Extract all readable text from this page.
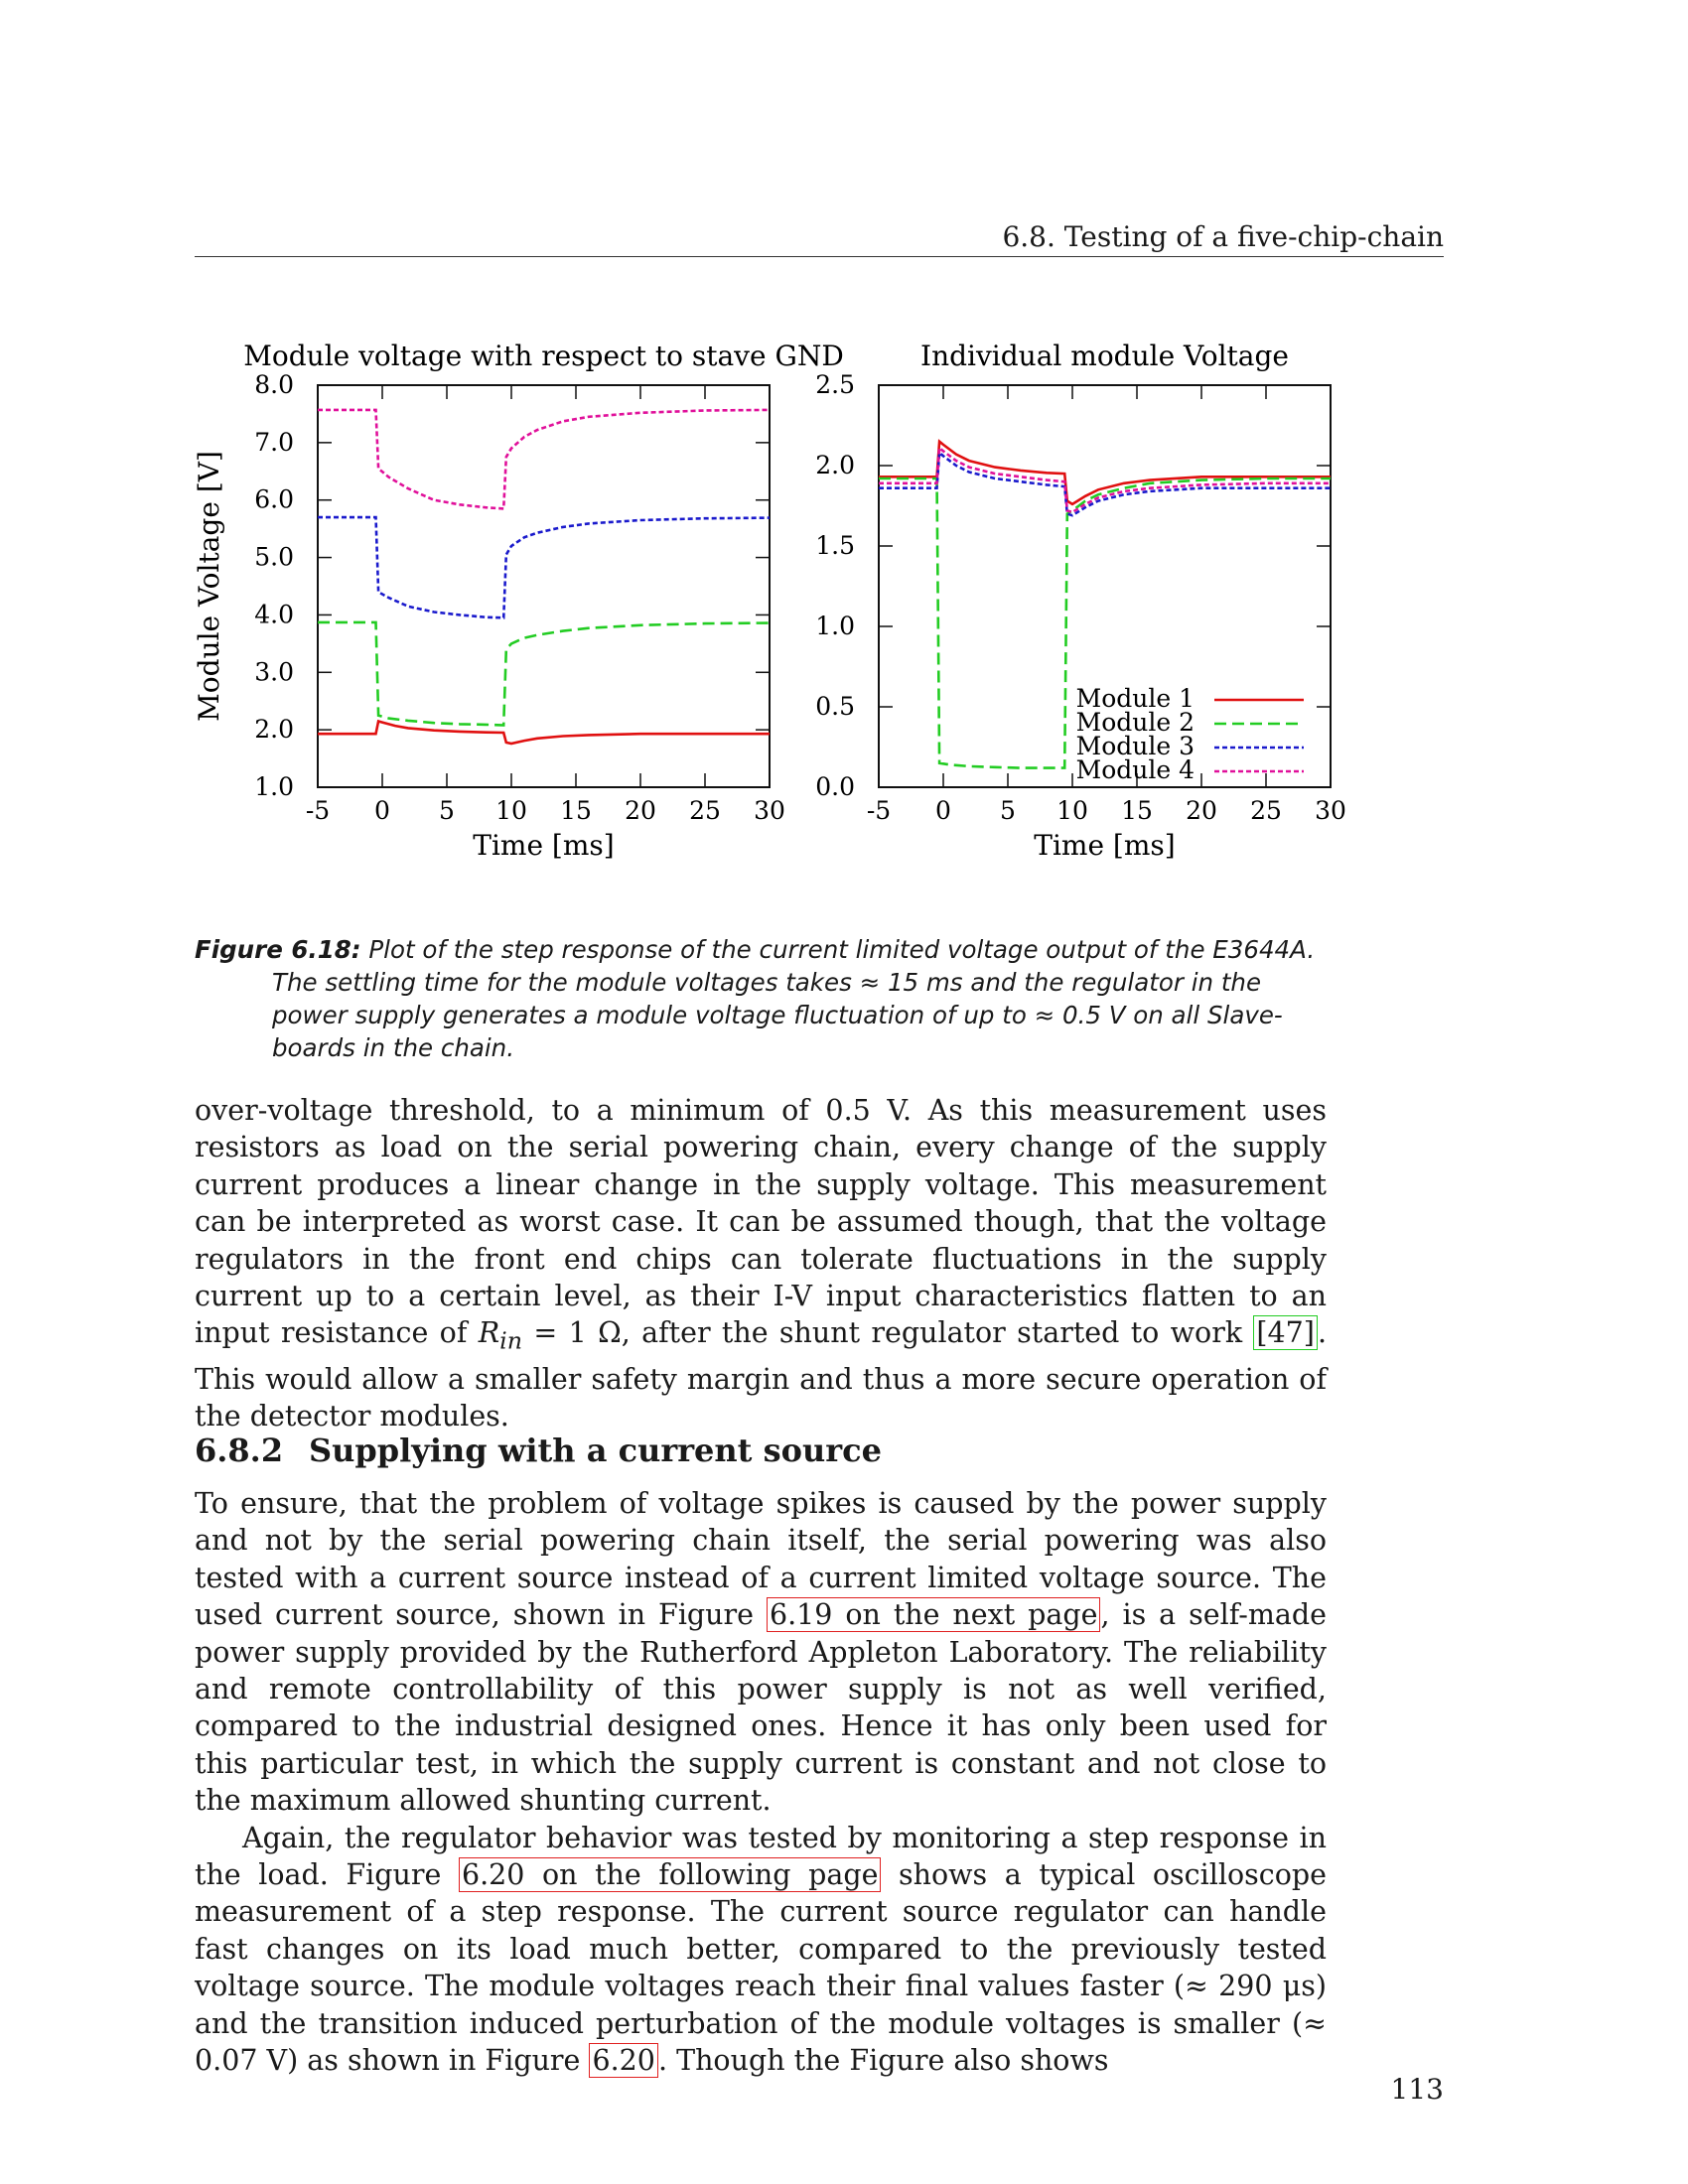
6.8. Testing of a five-chip-chain
Module voltage with respect to stave GND
-5 0 5 10 15 20 25 30
1.0
2.0
3.0
4.0
5.0
6.0
7.0
8.0
Time [ms]
Module Voltage [V]
Individual module Voltage
-5 0 5 10 15 20 25 30
0.0
0.5
1.0
1.5
2.0
2.5
Time [ms]
Module 1
Module 2
Module 3
Module 4
Figure 6.18: Plot of the step response of the current limited voltage output of the E3644A. The settling time for the module voltages takes ≈ 15 ms and the regulator in the power supply generates a module voltage fluctuation of up to ≈ 0.5 V on all Slave-boards in the chain.

over-voltage threshold, to a minimum of 0.5 V. As this measurement uses resistors as load on the serial powering chain, every change of the supply current produces a linear change in the supply voltage. This measurement can be interpreted as worst case. It can be assumed though, that the voltage regulators in the front end chips can tolerate fluctuations in the supply current up to a certain level, as their I-V input characteristics flatten to an input resistance of $R_{in} = 1$ Ω, after the shunt regulator started to work [47] . This would allow a smaller safety margin and thus a more secure operation of the detector modules.

6.8.2 Supplying with a current source

To ensure, that the problem of voltage spikes is caused by the power supply and not by the serial powering chain itself, the serial powering was also tested with a current source instead of a current limited voltage source. The used current source, shown in Figure 6.19 on the next page , is a self-made power supply provided by the Rutherford Appleton Laboratory. The reliability and remote controllability of this power supply is not as well verified, compared to the industrial designed ones. Hence it has only been used for this particular test, in which the supply current is constant and not close to the maximum allowed shunting current.

Again, the regulator behavior was tested by monitoring a step response in the load. Figure 6.20 on the following page shows a typical oscilloscope measurement of a step response. The current source regulator can handle fast changes on its load much better, compared to the previously tested voltage source. The module voltages reach their final values faster (≈ 290 μs) and the transition induced perturbation of the module voltages is smaller (≈ 0.07 V) as shown in Figure 6.20 . Though the Figure also shows

113
